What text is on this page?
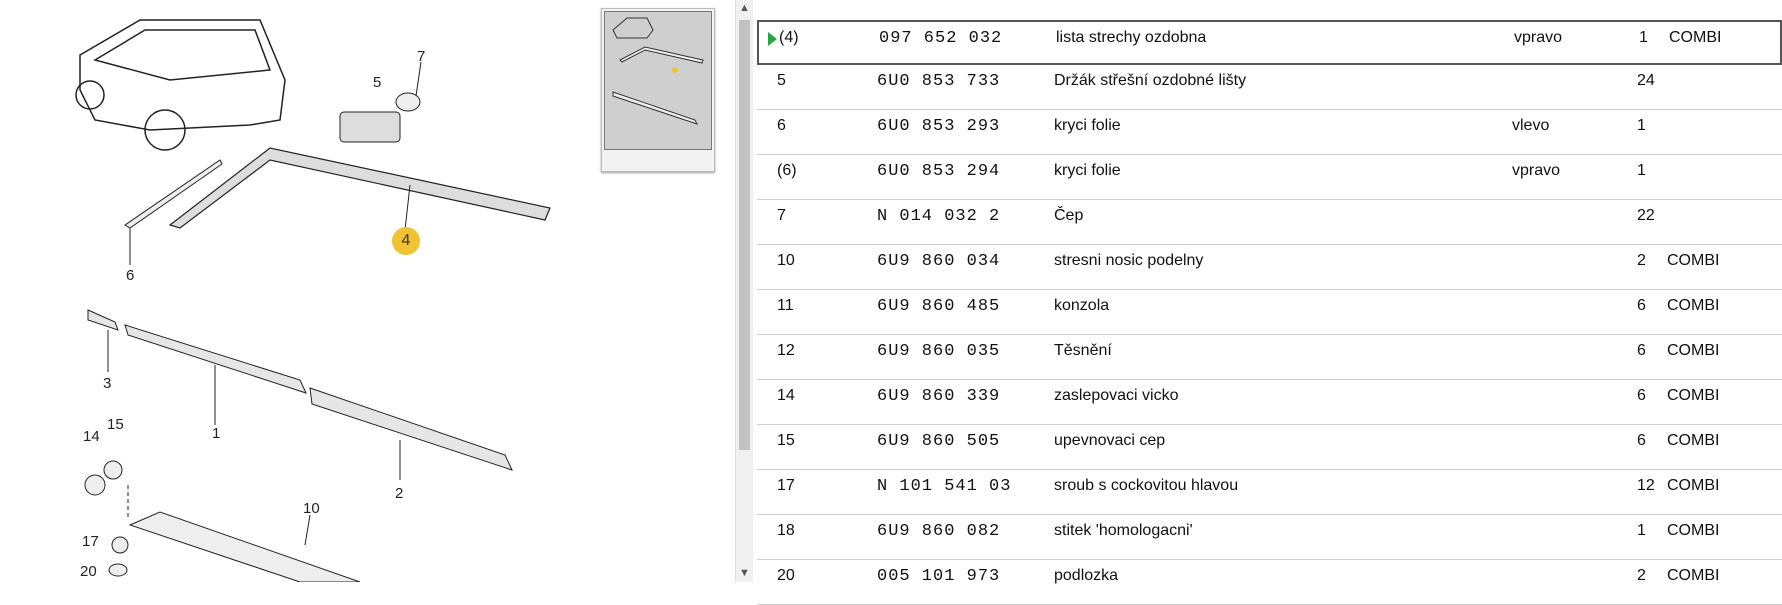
7
5
4
6
3
1
2
14
15
10
17
20
▲
▼
(4)	097 652 032	lista strechy ozdobna	vpravo	1 COMBI
5	6U0 853 733	Držák střešní ozdobné lišty	24
6	6U0 853 293	kryci folie	vlevo	1
(6)	6U0 853 294	kryci folie	vpravo	1
7	N 014 032 2	Čep	22
10	6U9 860 034	stresni nosic podelny	2 COMBI
11	6U9 860 485	konzola	6 COMBI
12	6U9 860 035	Těsnění	6 COMBI
14	6U9 860 339	zaslepovaci vicko	6 COMBI
15	6U9 860 505	upevnovaci cep	6 COMBI
17	N 101 541 03	sroub s cockovitou hlavou	12 COMBI
18	6U9 860 082	stitek 'homologacni'	1 COMBI
20	005 101 973	podlozka	2 COMBI
